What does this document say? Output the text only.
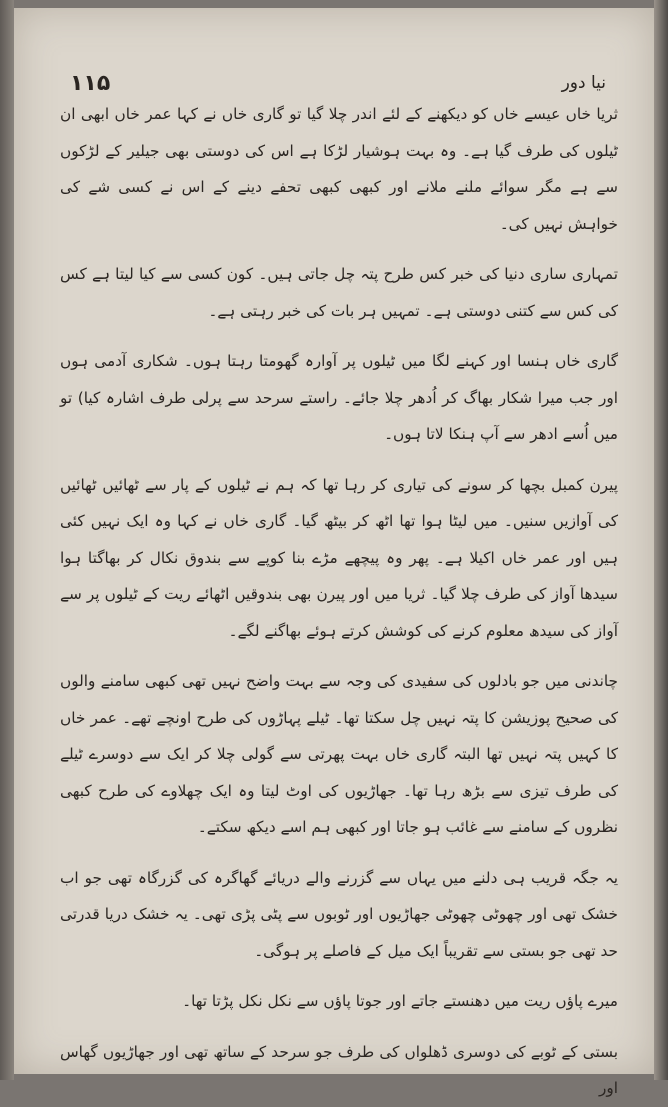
۱۱۵	نیا دور

ثریا خاں عیسے خاں کو دیکھنے کے لئے اندر چلا گیا تو گاری خاں نے کہا عمر خاں ابھی ان ٹیلوں کی طرف گیا ہے۔ وہ بہت ہوشیار لڑکا ہے اس کی دوستی بھی جیلیر کے لڑکوں سے ہے مگر سوائے ملنے ملانے اور کبھی کبھی تحفے دینے کے اس نے کسی شے کی خواہش نہیں کی۔

تمہاری ساری دنیا کی خبر کس طرح پتہ چل جاتی ہیں۔ کون کسی سے کیا لیتا ہے کس کی کس سے کتنی دوستی ہے۔ تمہیں ہر بات کی خبر رہتی ہے۔

گاری خاں ہنسا اور کہنے لگا میں ٹیلوں پر آوارہ گھومتا رہتا ہوں۔ شکاری آدمی ہوں اور جب میرا شکار بھاگ کر اُدھر چلا جائے۔ راستے سرحد سے پرلی طرف اشارہ کیا) تو میں اُسے ادھر سے آپ ہنکا لاتا ہوں۔

پیرن کمبل بچھا کر سونے کی تیاری کر رہا تھا کہ ہم نے ٹیلوں کے پار سے ٹھائیں ٹھائیں کی آوازیں سنیں۔ میں لیٹا ہوا تھا اٹھ کر بیٹھ گیا۔ گاری خاں نے کہا وہ ایک نہیں کئی ہیں اور عمر خاں اکیلا ہے۔ پھر وہ پیچھے مڑے بنا کوپے سے بندوق نکال کر بھاگتا ہوا سیدھا آواز کی طرف چلا گیا۔ ثریا میں اور پیرن بھی بندوقیں اٹھائے ریت کے ٹیلوں پر سے آواز کی سیدھ معلوم کرنے کی کوشش کرتے ہوئے بھاگنے لگے۔

چاندنی میں جو بادلوں کی سفیدی کی وجہ سے بہت واضح نہیں تھی کبھی سامنے والوں کی صحیح پوزیشن کا پتہ نہیں چل سکتا تھا۔ ٹیلے پہاڑوں کی طرح اونچے تھے۔ عمر خاں کا کہیں پتہ نہیں تھا البتہ گاری خاں بہت پھرتی سے گولی چلا کر ایک سے دوسرے ٹیلے کی طرف تیزی سے بڑھ رہا تھا۔ جھاڑیوں کی اوٹ لیتا وہ ایک چھلاوے کی طرح کبھی نظروں کے سامنے سے غائب ہو جاتا اور کبھی ہم اسے دیکھ سکتے۔

یہ جگہ قریب ہی دلنے میں یہاں سے گزرنے والے دریائے گھاگرہ کی گزرگاہ تھی جو اب خشک تھی اور چھوٹی چھوٹی جھاڑیوں اور ٹوبوں سے پٹی پڑی تھی۔ یہ خشک دریا قدرتی حد تھی جو بستی سے تقریباً ایک میل کے فاصلے پر ہوگی۔

میرے پاؤں ریت میں دھنستے جاتے اور جوتا پاؤں سے نکل نکل پڑتا تھا۔

بستی کے ٹوبے کی دوسری ڈھلواں کی طرف جو سرحد کے ساتھ تھی اور جھاڑیوں گھاس اور
